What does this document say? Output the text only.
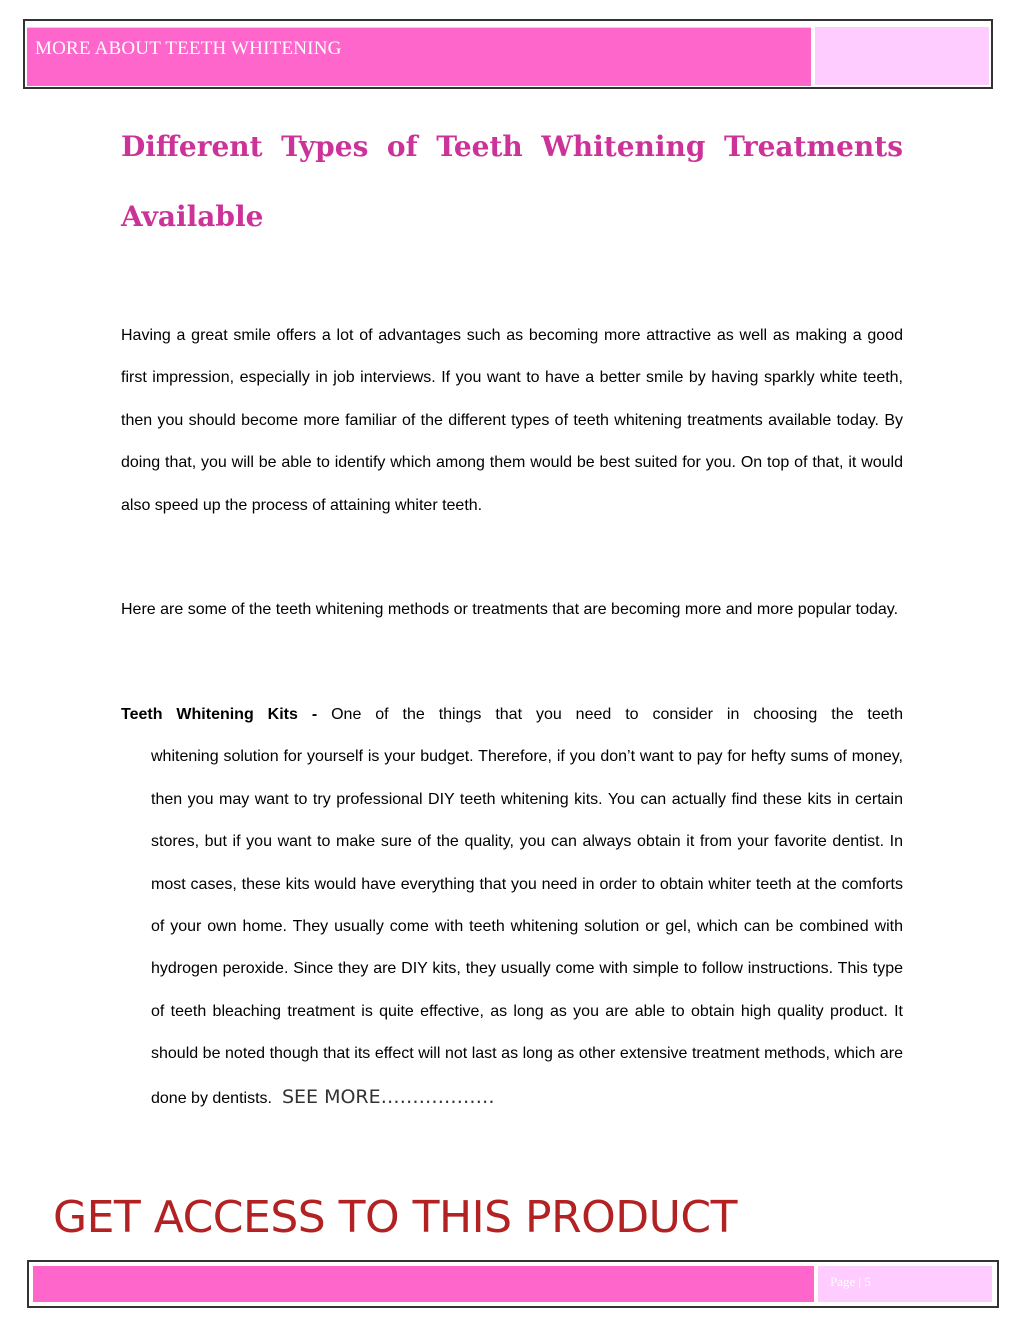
MORE ABOUT TEETH WHITENING
Different Types of Teeth Whitening Treatments
Available

Having a great smile offers a lot of advantages such as becoming more attractive as well as making a good first impression, especially in job interviews. If you want to have a better smile by having sparkly white teeth, then you should become more familiar of the different types of teeth whitening treatments available today. By doing that, you will be able to identify which among them would be best suited for you. On top of that, it would also speed up the process of attaining whiter teeth.

Here are some of the teeth whitening methods or treatments that are becoming more and more popular today.

Teeth Whitening Kits - One of the things that you need to consider in choosing the teeth
whitening solution for yourself is your budget. Therefore, if you don’t want to pay for hefty sums of money, then you may want to try professional DIY teeth whitening kits. You can actually find these kits in certain stores, but if you want to make sure of the quality, you can always obtain it from your favorite dentist. In most cases, these kits would have everything that you need in order to obtain whiter teeth at the comforts of your own home. They usually come with teeth whitening solution or gel, which can be combined with hydrogen peroxide. Since they are DIY kits, they usually come with simple to follow instructions. This type of teeth bleaching treatment is quite effective, as long as you are able to obtain high quality product. It should be noted though that its effect will not last as long as other extensive treatment methods, which are done by dentists. SEE MORE………………
GET ACCESS TO THIS PRODUCT
Page | 5
